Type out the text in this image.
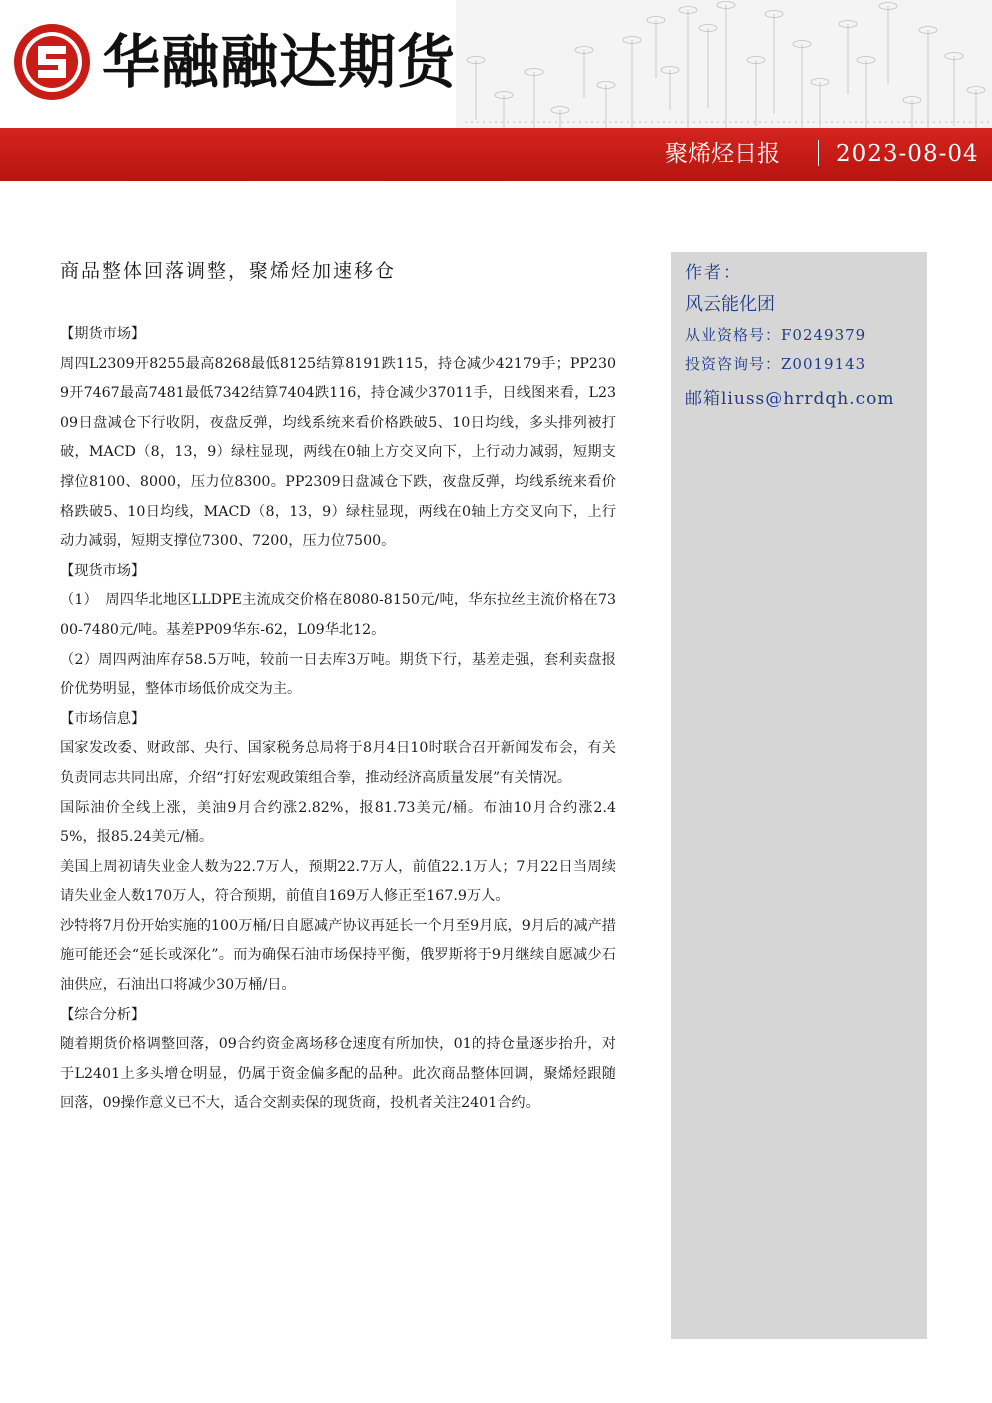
华融融达期货
聚烯烃日报 2023-08-04
商品整体回落调整，聚烯烃加速移仓

【期货市场】

周四L2309开8255最高8268最低8125结算8191跌115，持仓减少42179手；PP2309开7467最高7481最低7342结算7404跌116，持仓减少37011手，日线图来看，L2309日盘减仓下行收阴，夜盘反弹，均线系统来看价格跌破5、10日均线，多头排列被打破，MACD（8，13，9）绿柱显现，两线在0轴上方交叉向下，上行动力减弱，短期支撑位8100、8000，压力位8300。PP2309日盘减仓下跌，夜盘反弹，均线系统来看价格跌破5、10日均线，MACD（8，13，9）绿柱显现，两线在0轴上方交叉向下，上行动力减弱，短期支撑位7300、7200，压力位7500。

【现货市场】

（1）　周四华北地区LLDPE主流成交价格在8080-8150元/吨，华东拉丝主流价格在7300-7480元/吨。基差PP09华东-62，L09华北12。

（2）周四两油库存58.5万吨，较前一日去库3万吨。期货下行，基差走强，套利卖盘报价优势明显，整体市场低价成交为主。

【市场信息】

国家发改委、财政部、央行、国家税务总局将于8月4日10时联合召开新闻发布会，有关负责同志共同出席，介绍“打好宏观政策组合拳，推动经济高质量发展”有关情况。

国际油价全线上涨，美油9月合约涨2.82%，报81.73美元/桶。布油10月合约涨2.45%，报85.24美元/桶。

美国上周初请失业金人数为22.7万人，预期22.7万人，前值22.1万人；7月22日当周续请失业金人数170万人，符合预期，前值自169万人修正至167.9万人。

沙特将7月份开始实施的100万桶/日自愿减产协议再延长一个月至9月底，9月后的减产措施可能还会“延长或深化”。而为确保石油市场保持平衡，俄罗斯将于9月继续自愿减少石油供应，石油出口将减少30万桶/日。

【综合分析】

随着期货价格调整回落，09合约资金离场移仓速度有所加快，01的持仓量逐步抬升，对于L2401上多头增仓明显，仍属于资金偏多配的品种。此次商品整体回调，聚烯烃跟随回落，09操作意义已不大，适合交割卖保的现货商，投机者关注2401合约。

作者：
风云能化团
从业资格号：F0249379
投资咨询号：Z0019143
邮箱liuss@hrrdqh.com
